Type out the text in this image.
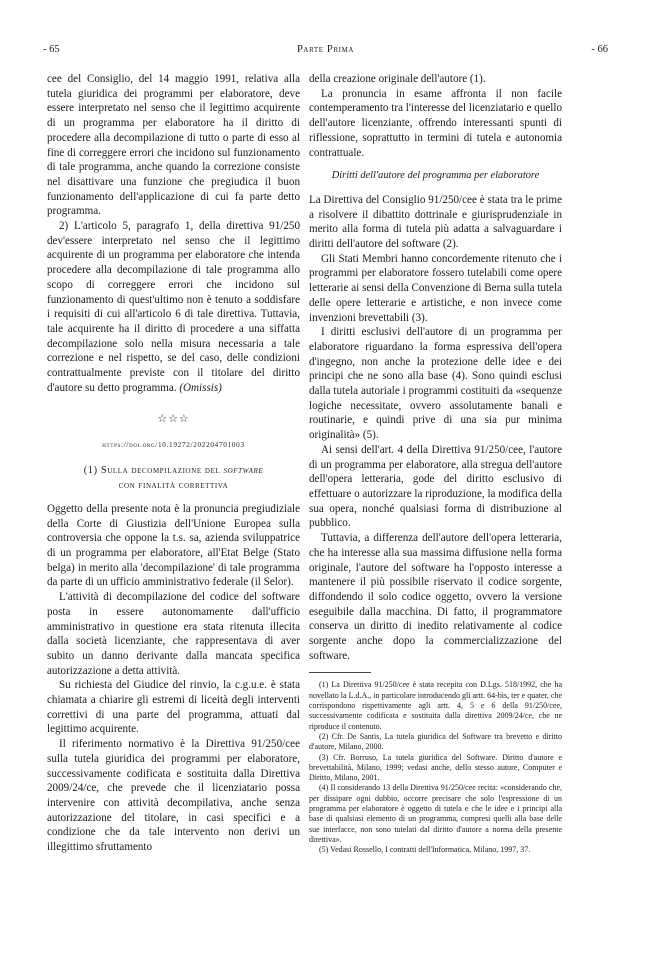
- 65	Parte Prima	- 66

cee del Consiglio, del 14 maggio 1991, relativa alla tutela giuridica dei programmi per elaboratore, deve essere interpretato nel senso che il legittimo acquirente di un programma per elaboratore ha il diritto di procedere alla decompilazione di tutto o parte di esso al fine di correggere errori che incidono sul funzionamento di tale programma, anche quando la correzione consiste nel disattivare una funzione che pregiudica il buon funzionamento dell'applicazione di cui fa parte detto programma.

2) L'articolo 5, paragrafo 1, della direttiva 91/250 dev'essere interpretato nel senso che il legittimo acquirente di un programma per elaboratore che intenda procedere alla decompilazione di tale programma allo scopo di correggere errori che incidono sul funzionamento di quest'ultimo non è tenuto a soddisfare i requisiti di cui all'articolo 6 di tale direttiva. Tuttavia, tale acquirente ha il diritto di procedere a una siffatta decompilazione solo nella misura necessaria a tale correzione e nel rispetto, se del caso, delle condizioni contrattualmente previste con il titolare del diritto d'autore su detto programma. (Omissis)

☆☆☆
https://doi.org/10.19272/202204701003
(1) Sulla decompilazione del software
con finalità correttiva

Oggetto della presente nota è la pronuncia pregiudiziale della Corte di Giustizia dell'Unione Europea sulla controversia che oppone la t.s. sa, azienda sviluppatrice di un programma per elaboratore, all'Etat Belge (Stato belga) in merito alla 'decompilazione' di tale programma da parte di un ufficio amministrativo federale (il Selor).

L'attività di decompilazione del codice del software posta in essere autonomamente dall'ufficio amministrativo in questione era stata ritenuta illecita dalla società licenziante, che rappresentava di aver subito un danno derivante dalla mancata specifica autorizzazione a detta attività.

Su richiesta del Giudice del rinvio, la c.g.u.e. è stata chiamata a chiarire gli estremi di liceità degli interventi correttivi di una parte del programma, attuati dal legittimo acquirente.

Il riferimento normativo è la Direttiva 91/250/cee sulla tutela giuridica dei programmi per elaboratore, successivamente codificata e sostituita dalla Direttiva 2009/24/ce, che prevede che il licenziatario possa intervenire con attività decompilativa, anche senza autorizzazione del titolare, in casi specifici e a condizione che da tale intervento non derivi un illegittimo sfruttamento

della creazione originale dell'autore (1).

La pronuncia in esame affronta il non facile contemperamento tra l'interesse del licenziatario e quello dell'autore licenziante, offrendo interessanti spunti di riflessione, soprattutto in termini di tutela e autonomia contrattuale.

Diritti dell'autore del programma per elaboratore

La Direttiva del Consiglio 91/250/cee è stata tra le prime a risolvere il dibattito dottrinale e giurisprudenziale in merito alla forma di tutela più adatta a salvaguardare i diritti dell'autore del software (2).

Gli Stati Membri hanno concordemente ritenuto che i programmi per elaboratore fossero tutelabili come opere letterarie ai sensi della Convenzione di Berna sulla tutela delle opere letterarie e artistiche, e non invece come invenzioni brevettabili (3).

I diritti esclusivi dell'autore di un programma per elaboratore riguardano la forma espressiva dell'opera d'ingegno, non anche la protezione delle idee e dei principi che ne sono alla base (4). Sono quindi esclusi dalla tutela autoriale i programmi costituiti da «sequenze logiche necessitate, ovvero assolutamente banali e routinarie, e quindi prive di una sia pur minima originalità» (5).

Ai sensi dell'art. 4 della Direttiva 91/250/cee, l'autore di un programma per elaboratore, alla stregua dell'autore dell'opera letteraria, gode del diritto esclusivo di effettuare o autorizzare la riproduzione, la modifica della sua opera, nonché qualsiasi forma di distribuzione al pubblico.

Tuttavia, a differenza dell'autore dell'opera letteraria, che ha interesse alla sua massima diffusione nella forma originale, l'autore del software ha l'opposto interesse a mantenere il più possibile riservato il codice sorgente, diffondendo il solo codice oggetto, ovvero la versione eseguibile dalla macchina. Di fatto, il programmatore conserva un diritto di inedito relativamente al codice sorgente anche dopo la commercializzazione del software.

(1) La Direttiva 91/250/cee è stata recepita con D.Lgs. 518/1992, che ha novellato la L.d.A., in particolare introducendo gli artt. 64-bis, ter e quater, che corrispondono rispettivamente agli artt. 4, 5 e 6 della 91/250/cee, successivamente codificata e sostituita dalla direttiva 2009/24/ce, che ne riproduce il contenuto.

(2) Cfr. De Santis, La tutela giuridica del Software tra brevetto e diritto d'autore, Milano, 2000.

(3) Cfr. Borruso, La tutela giuridica del Software. Diritto d'autore e brevettabilità, Milano, 1999; vedasi anche, dello stesso autore, Computer e Diritto, Milano, 2001.

(4) Il considerando 13 della Direttiva 91/250/cee recita: «considerando che, per dissipare ogni dubbio, occorre precisare che solo l'espressione di un programma per elaboratore è oggetto di tutela e che le idee e i principi alla base di qualsiasi elemento di un programma, compresi quelli alla base delle sue interfacce, non sono tutelati dal diritto d'autore a norma della presente direttiva».

(5) Vedasi Rossello, I contratti dell'Informatica, Milano, 1997, 37.
